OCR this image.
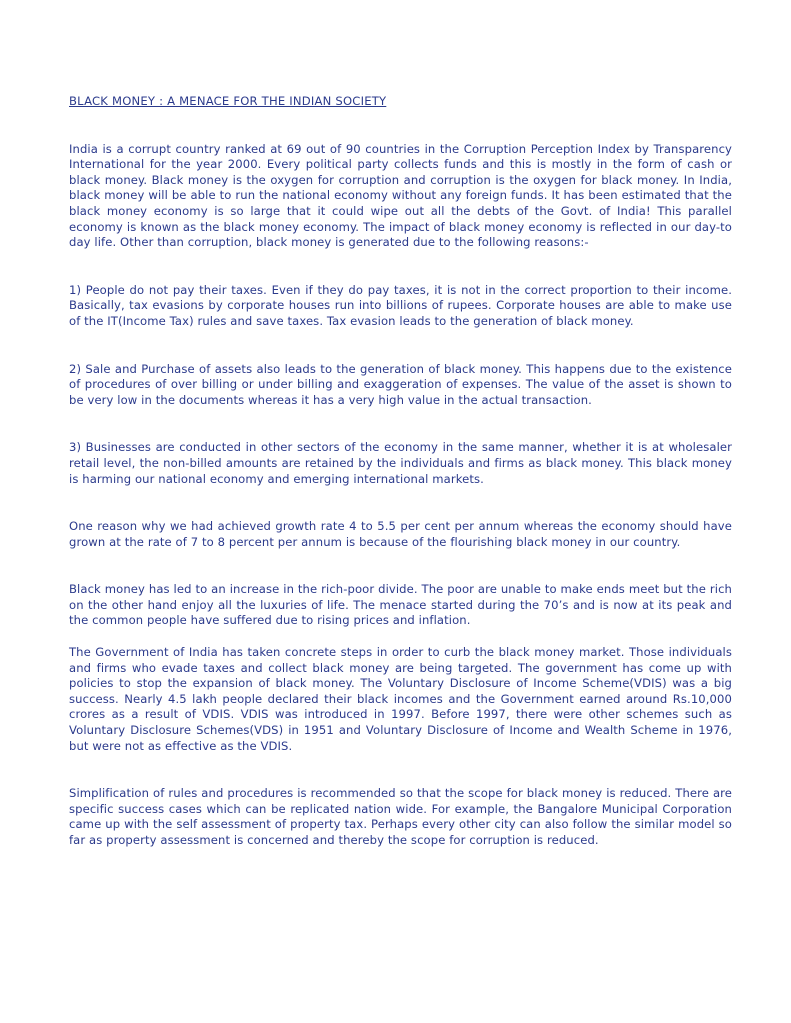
BLACK MONEY : A MENACE FOR THE INDIAN SOCIETY

India is a corrupt country ranked at 69 out of 90 countries in the Corruption Perception Index by Transparency International for the year 2000. Every political party collects funds and this is mostly in the form of cash or black money. Black money is the oxygen for corruption and corruption is the oxygen for black money. In India, black money will be able to run the national economy without any foreign funds. It has been estimated that the black money economy is so large that it could wipe out all the debts of the Govt. of India! This parallel economy is known as the black money economy. The impact of black money economy is reflected in our day-to day life. Other than corruption, black money is generated due to the following reasons:-

1) People do not pay their taxes. Even if they do pay taxes, it is not in the correct proportion to their income. Basically, tax evasions by corporate houses run into billions of rupees. Corporate houses are able to make use of the IT(Income Tax) rules and save taxes. Tax evasion leads to the generation of black money.

2) Sale and Purchase of assets also leads to the generation of black money. This happens due to the existence of procedures of over billing or under billing and exaggeration of expenses. The value of the asset is shown to be very low in the documents whereas it has a very high value in the actual transaction.

3) Businesses are conducted in other sectors of the economy in the same manner, whether it is at wholesaler retail level, the non-billed amounts are retained by the individuals and firms as black money. This black money is harming our national economy and emerging international markets.

One reason why we had achieved growth rate 4 to 5.5 per cent per annum whereas the economy should have grown at the rate of 7 to 8 percent per annum is because of the flourishing black money in our country.

Black money has led to an increase in the rich-poor divide. The poor are unable to make ends meet but the rich on the other hand enjoy all the luxuries of life. The menace started during the 70’s and is now at its peak and the common people have suffered due to rising prices and inflation.

The Government of India has taken concrete steps in order to curb the black money market. Those individuals and firms who evade taxes and collect black money are being targeted. The government has come up with policies to stop the expansion of black money. The Voluntary Disclosure of Income Scheme(VDIS) was a big success. Nearly 4.5 lakh people declared their black incomes and the Government earned around Rs.10,000 crores as a result of VDIS. VDIS was introduced in 1997. Before 1997, there were other schemes such as Voluntary Disclosure Schemes(VDS) in 1951 and Voluntary Disclosure of Income and Wealth Scheme in 1976, but were not as effective as the VDIS.

Simplification of rules and procedures is recommended so that the scope for black money is reduced. There are specific success cases which can be replicated nation wide. For example, the Bangalore Municipal Corporation came up with the self assessment of property tax. Perhaps every other city can also follow the similar model so far as property assessment is concerned and thereby the scope for corruption is reduced.
